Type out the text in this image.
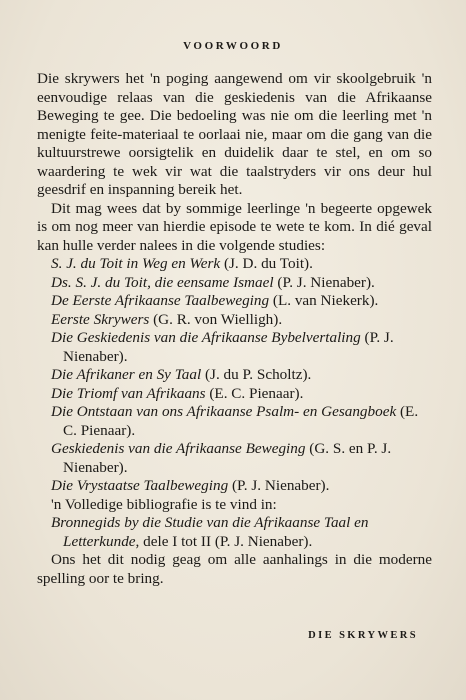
VOORWOORD

Die skrywers het 'n poging aangewend om vir skoolgebruik 'n eenvoudige relaas van die geskiedenis van die Afrikaanse Beweging te gee. Die bedoeling was nie om die leerling met 'n menigte feite-materiaal te oorlaai nie, maar om die gang van die kultuurstrewe oorsigtelik en duidelik daar te stel, en om so waardering te wek vir wat die taalstryders vir ons deur hul geesdrif en inspanning bereik het.

Dit mag wees dat by sommige leerlinge 'n begeerte opgewek is om nog meer van hierdie episode te wete te kom. In dié geval kan hulle verder nalees in die volgende studies:

S. J. du Toit in Weg en Werk (J. D. du Toit).
Ds. S. J. du Toit, die eensame Ismael (P. J. Nienaber).
De Eerste Afrikaanse Taalbeweging (L. van Niekerk).
Eerste Skrywers (G. R. von Wielligh).
Die Geskiedenis van die Afrikaanse Bybelvertaling (P. J. Nienaber).
Die Afrikaner en Sy Taal (J. du P. Scholtz).
Die Triomf van Afrikaans (E. C. Pienaar).
Die Ontstaan van ons Afrikaanse Psalm- en Gesangboek (E. C. Pienaar).
Geskiedenis van die Afrikaanse Beweging (G. S. en P. J. Nienaber).
Die Vrystaatse Taalbeweging (P. J. Nienaber).

'n Volledige bibliografie is te vind in:

Bronnegids by die Studie van die Afrikaanse Taal en Letterkunde, dele I tot II (P. J. Nienaber).

Ons het dit nodig geag om alle aanhalings in die moderne spelling oor te bring.

DIE SKRYWERS
